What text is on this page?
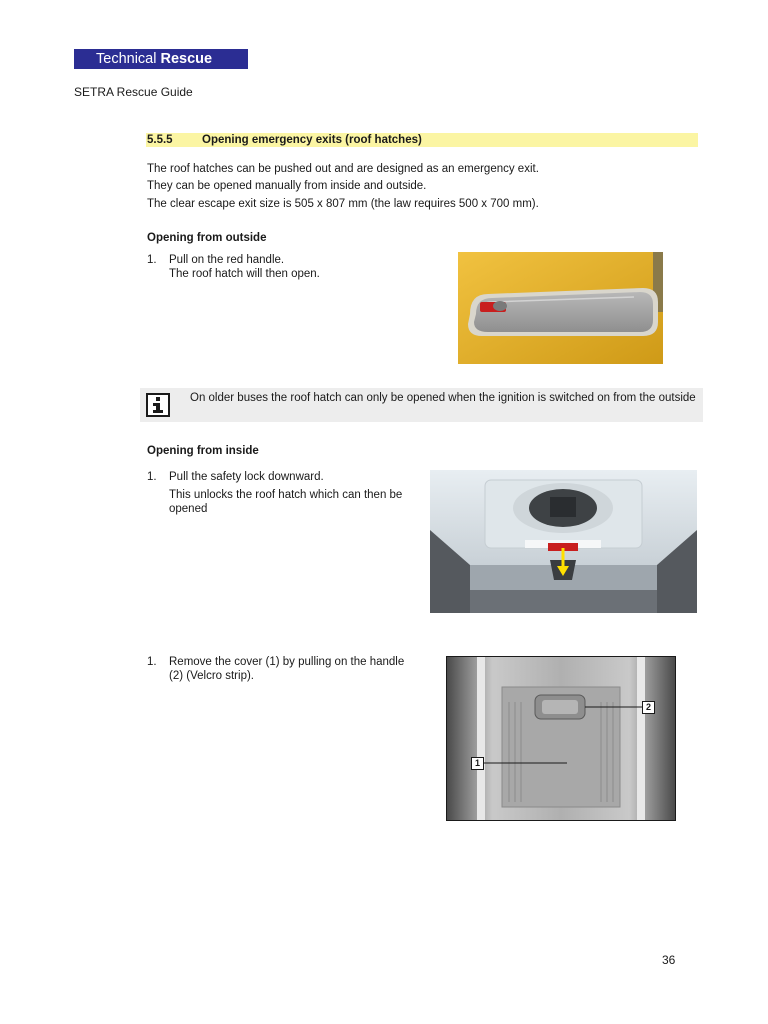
Technical Rescue
SETRA Rescue Guide
5.5.5	Opening emergency exits (roof hatches)
The roof hatches can be pushed out and are designed as an emergency exit.
They can be opened manually from inside and outside.
The clear escape exit size is 505 x 807 mm (the law requires 500 x 700 mm).
Opening from outside
1. Pull on the red handle.
The roof hatch will then open.
On older buses the roof hatch can only be opened when the ignition is switched on from the outside
Opening from inside
1. Pull the safety lock downward.
This unlocks the roof hatch which can then be opened
1. Remove the cover (1) by pulling on the handle (2) (Velcro strip).
2
1
36
